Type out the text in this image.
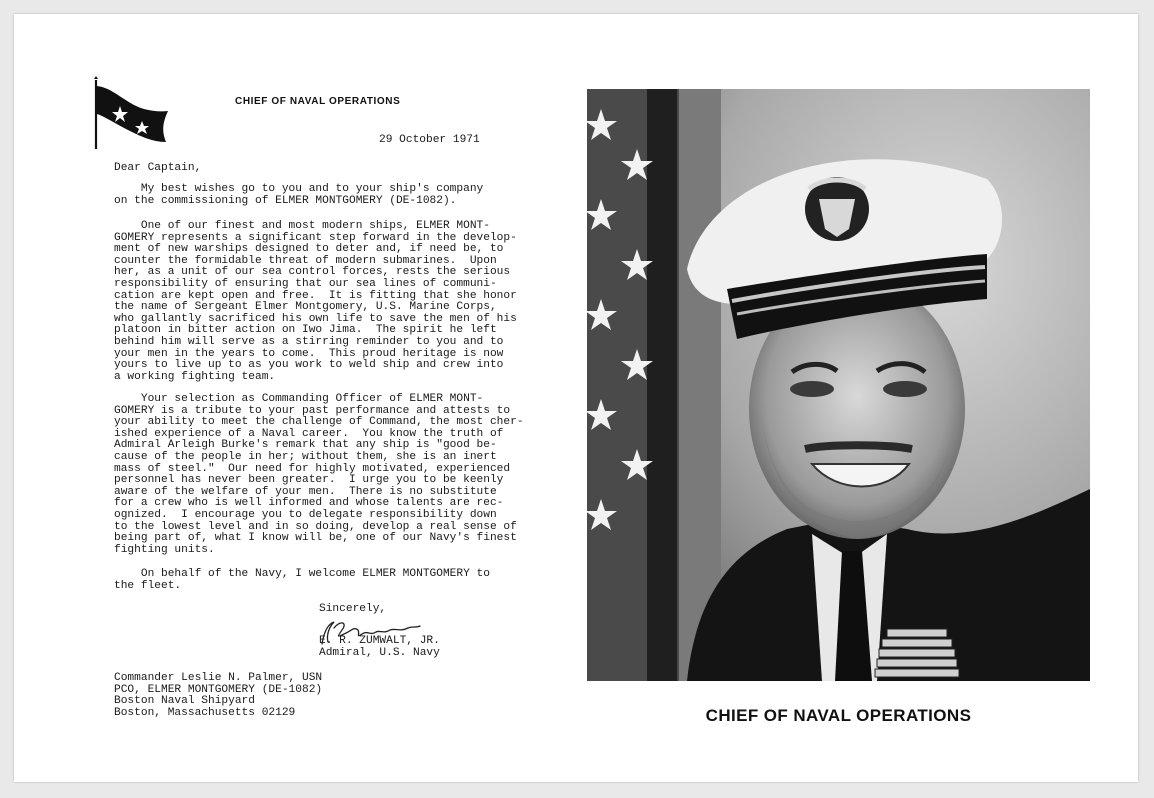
CHIEF OF NAVAL OPERATIONS
29 October 1971
Dear Captain,
My best wishes go to you and to your ship's company
on the commissioning of ELMER MONTGOMERY (DE-1082).
One of our finest and most modern ships, ELMER MONT-
GOMERY represents a significant step forward in the develop-
ment of new warships designed to deter and, if need be, to
counter the formidable threat of modern submarines.  Upon
her, as a unit of our sea control forces, rests the serious
responsibility of ensuring that our sea lines of communi-
cation are kept open and free.  It is fitting that she honor
the name of Sergeant Elmer Montgomery, U.S. Marine Corps,
who gallantly sacrificed his own life to save the men of his
platoon in bitter action on Iwo Jima.  The spirit he left
behind him will serve as a stirring reminder to you and to
your men in the years to come.  This proud heritage is now
yours to live up to as you work to weld ship and crew into
a working fighting team.
Your selection as Commanding Officer of ELMER MONT-
GOMERY is a tribute to your past performance and attests to
your ability to meet the challenge of Command, the most cher-
ished experience of a Naval career.  You know the truth of
Admiral Arleigh Burke's remark that any ship is "good be-
cause of the people in her; without them, she is an inert
mass of steel."  Our need for highly motivated, experienced
personnel has never been greater.  I urge you to be keenly
aware of the welfare of your men.  There is no substitute
for a crew who is well informed and whose talents are rec-
ognized.  I encourage you to delegate responsibility down
to the lowest level and in so doing, develop a real sense of
being part of, what I know will be, one of our Navy's finest
fighting units.
On behalf of the Navy, I welcome ELMER MONTGOMERY to
the fleet.
Sincerely,
E. R. ZUMWALT, JR.
Admiral, U.S. Navy
Commander Leslie N. Palmer, USN
PCO, ELMER MONTGOMERY (DE-1082)
Boston Naval Shipyard
Boston, Massachusetts 02129	CHIEF OF NAVAL OPERATIONS
